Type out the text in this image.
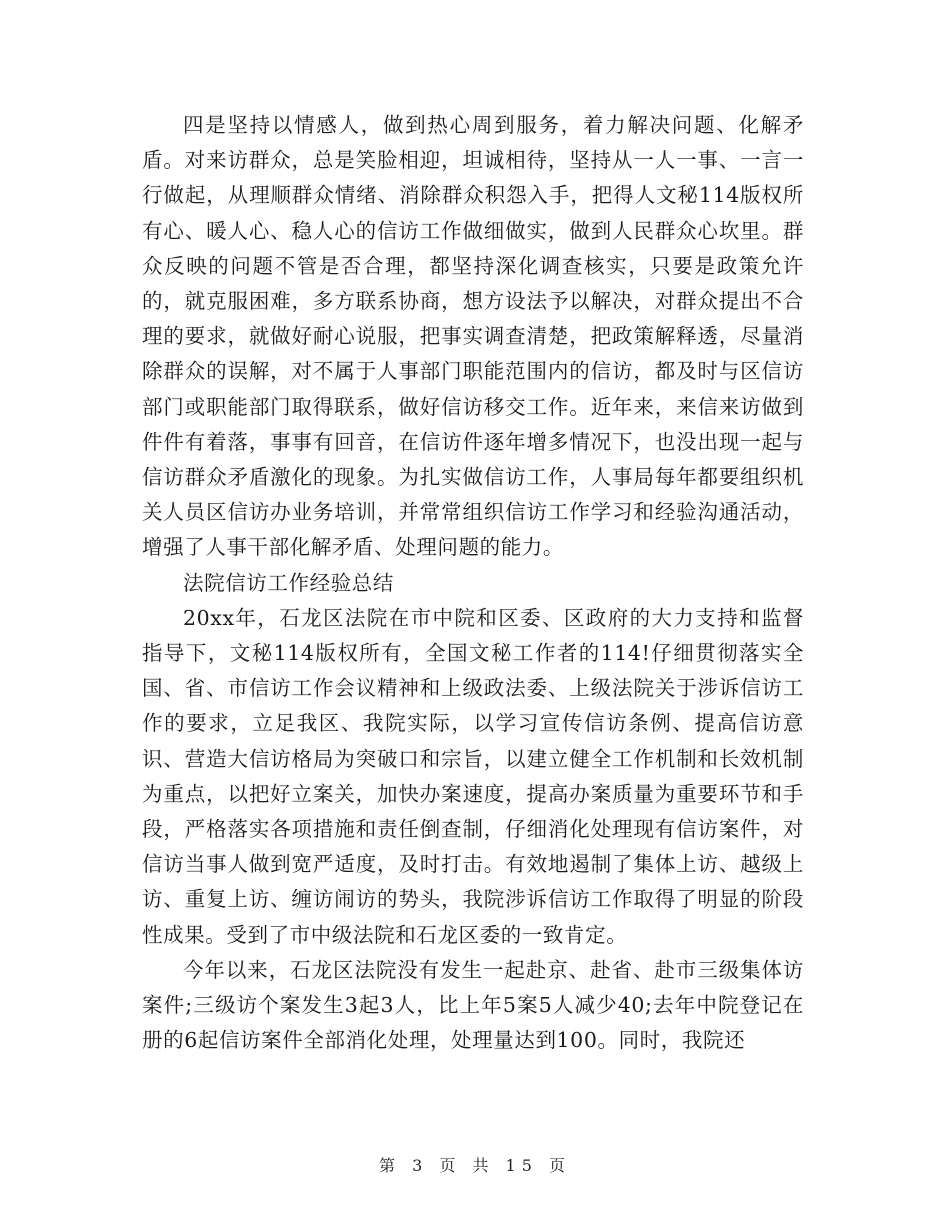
四是坚持以情感人，做到热心周到服务，着力解决问题、化解矛盾。对来访群众，总是笑脸相迎，坦诚相待，坚持从一人一事、一言一行做起，从理顺群众情绪、消除群众积怨入手，把得人文秘114版权所有心、暖人心、稳人心的信访工作做细做实，做到人民群众心坎里。群众反映的问题不管是否合理，都坚持深化调查核实，只要是政策允许的，就克服困难，多方联系协商，想方设法予以解决，对群众提出不合理的要求，就做好耐心说服，把事实调查清楚，把政策解释透，尽量消除群众的误解，对不属于人事部门职能范围内的信访，都及时与区信访部门或职能部门取得联系，做好信访移交工作。近年来，来信来访做到件件有着落，事事有回音，在信访件逐年增多情况下，也没出现一起与信访群众矛盾激化的现象。为扎实做信访工作，人事局每年都要组织机关人员区信访办业务培训，并常常组织信访工作学习和经验沟通活动，增强了人事干部化解矛盾、处理问题的能力。

法院信访工作经验总结

20xx年，石龙区法院在市中院和区委、区政府的大力支持和监督指导下，文秘114版权所有，全国文秘工作者的114!仔细贯彻落实全国、省、市信访工作会议精神和上级政法委、上级法院关于涉诉信访工作的要求，立足我区、我院实际，以学习宣传信访条例、提高信访意识、营造大信访格局为突破口和宗旨，以建立健全工作机制和长效机制为重点，以把好立案关，加快办案速度，提高办案质量为重要环节和手段，严格落实各项措施和责任倒查制，仔细消化处理现有信访案件，对信访当事人做到宽严适度，及时打击。有效地遏制了集体上访、越级上访、重复上访、缠访闹访的势头，我院涉诉信访工作取得了明显的阶段性成果。受到了市中级法院和石龙区委的一致肯定。

今年以来，石龙区法院没有发生一起赴京、赴省、赴市三级集体访案件;三级访个案发生3起3人，比上年5案5人减少40;去年中院登记在册的6起信访案件全部消化处理，处理量达到100。同时，我院还

第 3 页 共 15 页
